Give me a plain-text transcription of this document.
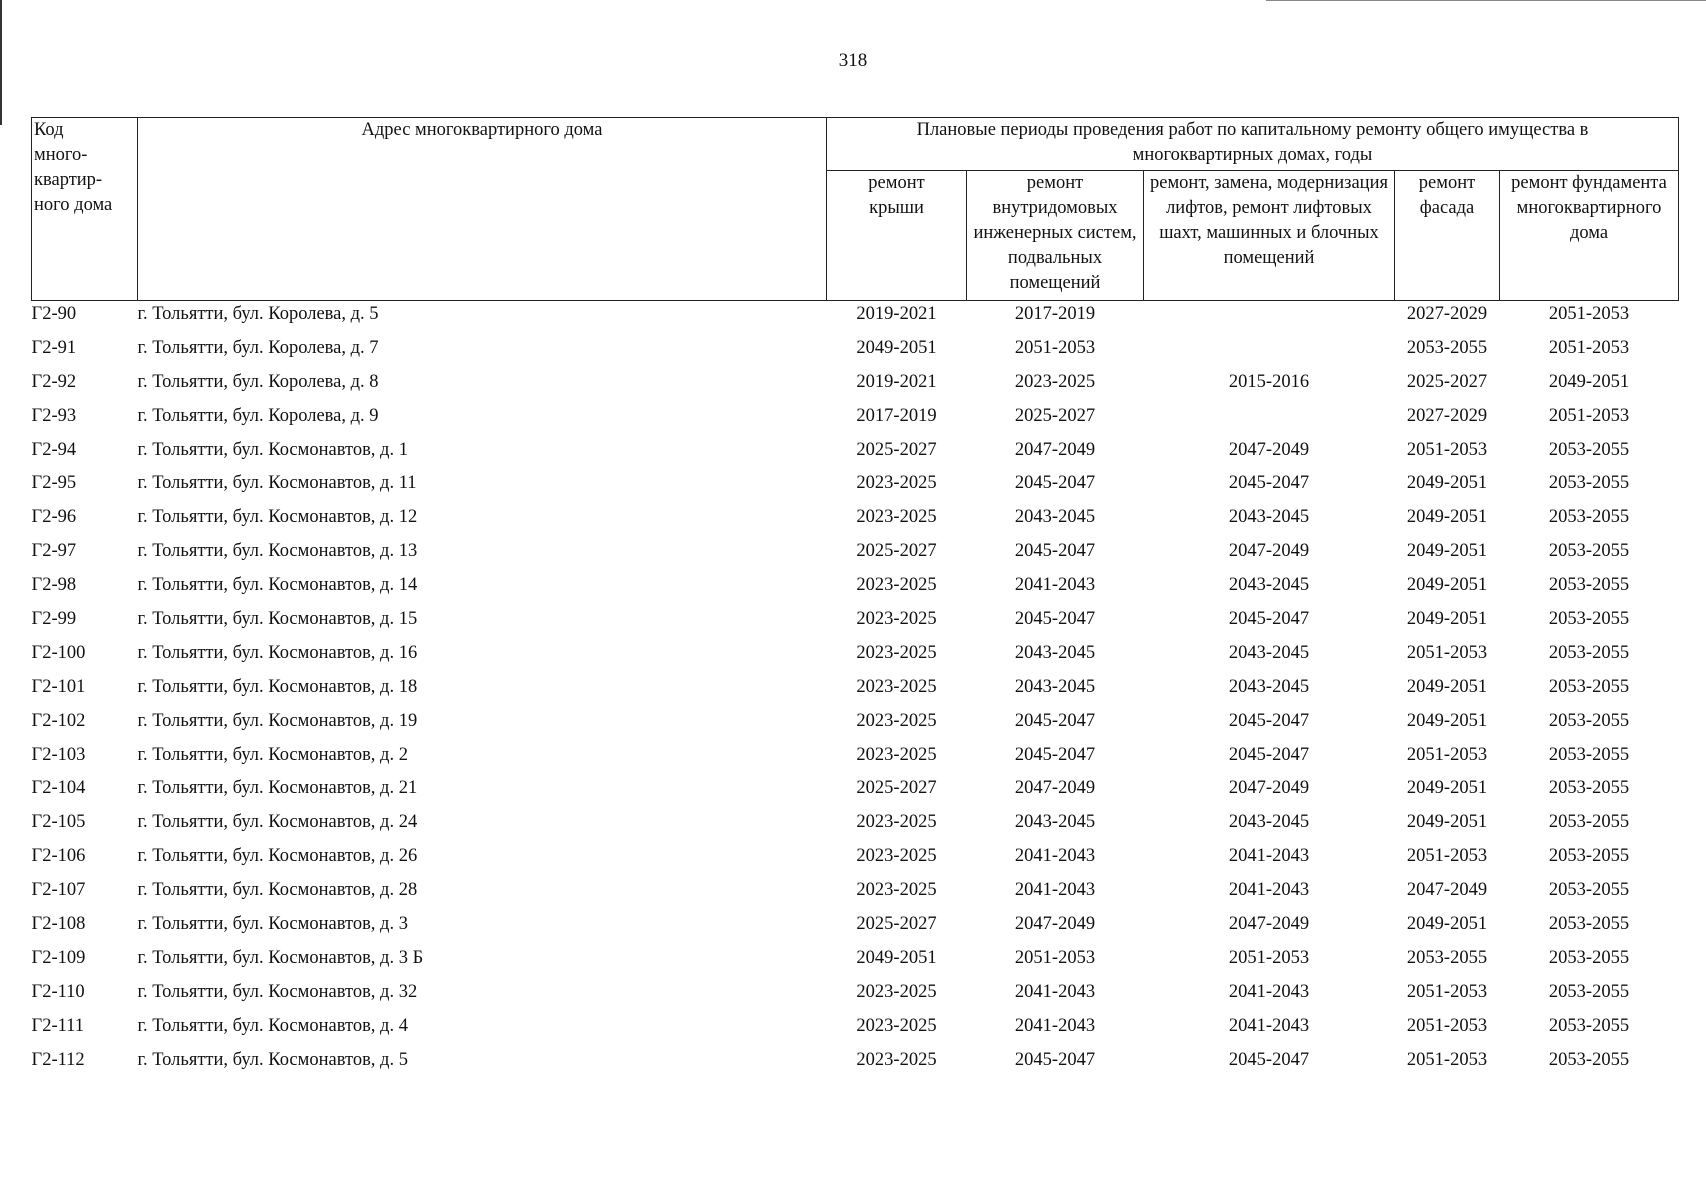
318
Код много-квартир-ного дома	Адрес многоквартирного дома	Плановые периоды проведения работ по капитальному ремонту общего имущества в многоквартирных домах, годы				
		ремонт крыши	ремонт внутридомовых инженерных систем, подвальных помещений	ремонт, замена, модернизация лифтов, ремонт лифтовых шахт, машинных и блочных помещений	ремонт фасада	ремонт фундамента многоквартирного дома
Г2-90	г. Тольятти, бул. Королева, д. 5	2019-2021	2017-2019		2027-2029	2051-2053
Г2-91	г. Тольятти, бул. Королева, д. 7	2049-2051	2051-2053		2053-2055	2051-2053
Г2-92	г. Тольятти, бул. Королева, д. 8	2019-2021	2023-2025	2015-2016	2025-2027	2049-2051
Г2-93	г. Тольятти, бул. Королева, д. 9	2017-2019	2025-2027		2027-2029	2051-2053
Г2-94	г. Тольятти, бул. Космонавтов, д. 1	2025-2027	2047-2049	2047-2049	2051-2053	2053-2055
Г2-95	г. Тольятти, бул. Космонавтов, д. 11	2023-2025	2045-2047	2045-2047	2049-2051	2053-2055
Г2-96	г. Тольятти, бул. Космонавтов, д. 12	2023-2025	2043-2045	2043-2045	2049-2051	2053-2055
Г2-97	г. Тольятти, бул. Космонавтов, д. 13	2025-2027	2045-2047	2047-2049	2049-2051	2053-2055
Г2-98	г. Тольятти, бул. Космонавтов, д. 14	2023-2025	2041-2043	2043-2045	2049-2051	2053-2055
Г2-99	г. Тольятти, бул. Космонавтов, д. 15	2023-2025	2045-2047	2045-2047	2049-2051	2053-2055
Г2-100	г. Тольятти, бул. Космонавтов, д. 16	2023-2025	2043-2045	2043-2045	2051-2053	2053-2055
Г2-101	г. Тольятти, бул. Космонавтов, д. 18	2023-2025	2043-2045	2043-2045	2049-2051	2053-2055
Г2-102	г. Тольятти, бул. Космонавтов, д. 19	2023-2025	2045-2047	2045-2047	2049-2051	2053-2055
Г2-103	г. Тольятти, бул. Космонавтов, д. 2	2023-2025	2045-2047	2045-2047	2051-2053	2053-2055
Г2-104	г. Тольятти, бул. Космонавтов, д. 21	2025-2027	2047-2049	2047-2049	2049-2051	2053-2055
Г2-105	г. Тольятти, бул. Космонавтов, д. 24	2023-2025	2043-2045	2043-2045	2049-2051	2053-2055
Г2-106	г. Тольятти, бул. Космонавтов, д. 26	2023-2025	2041-2043	2041-2043	2051-2053	2053-2055
Г2-107	г. Тольятти, бул. Космонавтов, д. 28	2023-2025	2041-2043	2041-2043	2047-2049	2053-2055
Г2-108	г. Тольятти, бул. Космонавтов, д. 3	2025-2027	2047-2049	2047-2049	2049-2051	2053-2055
Г2-109	г. Тольятти, бул. Космонавтов, д. 3 Б	2049-2051	2051-2053	2051-2053	2053-2055	2053-2055
Г2-110	г. Тольятти, бул. Космонавтов, д. 32	2023-2025	2041-2043	2041-2043	2051-2053	2053-2055
Г2-111	г. Тольятти, бул. Космонавтов, д. 4	2023-2025	2041-2043	2041-2043	2051-2053	2053-2055
Г2-112	г. Тольятти, бул. Космонавтов, д. 5	2023-2025	2045-2047	2045-2047	2051-2053	2053-2055
